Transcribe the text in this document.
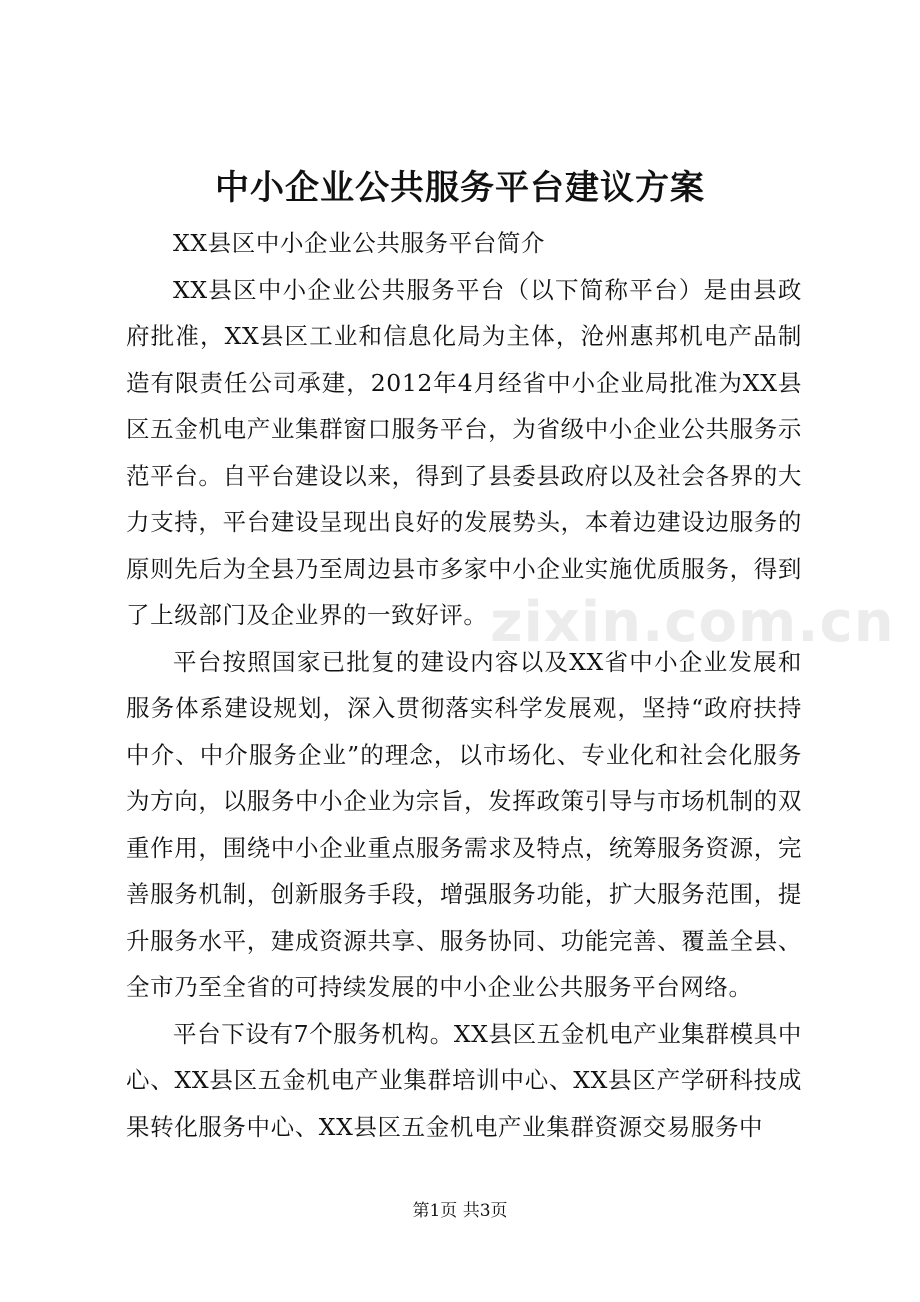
中小企业公共服务平台建议方案
zixin.com.cn

XX县区中小企业公共服务平台简介

XX县区中小企业公共服务平台（以下简称平台）是由县政府批准，XX县区工业和信息化局为主体，沧州惠邦机电产品制造有限责任公司承建，2012年4月经省中小企业局批准为XX县区五金机电产业集群窗口服务平台，为省级中小企业公共服务示范平台。自平台建设以来，得到了县委县政府以及社会各界的大力支持，平台建设呈现出良好的发展势头，本着边建设边服务的原则先后为全县乃至周边县市多家中小企业实施优质服务，得到了上级部门及企业界的一致好评。

平台按照国家已批复的建设内容以及XX省中小企业发展和服务体系建设规划，深入贯彻落实科学发展观，坚持“政府扶持中介、中介服务企业”的理念，以市场化、专业化和社会化服务为方向，以服务中小企业为宗旨，发挥政策引导与市场机制的双重作用，围绕中小企业重点服务需求及特点，统筹服务资源，完善服务机制，创新服务手段，增强服务功能，扩大服务范围，提升服务水平，建成资源共享、服务协同、功能完善、覆盖全县、全市乃至全省的可持续发展的中小企业公共服务平台网络。

平台下设有7个服务机构。XX县区五金机电产业集群模具中心、XX县区五金机电产业集群培训中心、XX县区产学研科技成果转化服务中心、XX县区五金机电产业集群资源交易服务中

第1页 共3页
